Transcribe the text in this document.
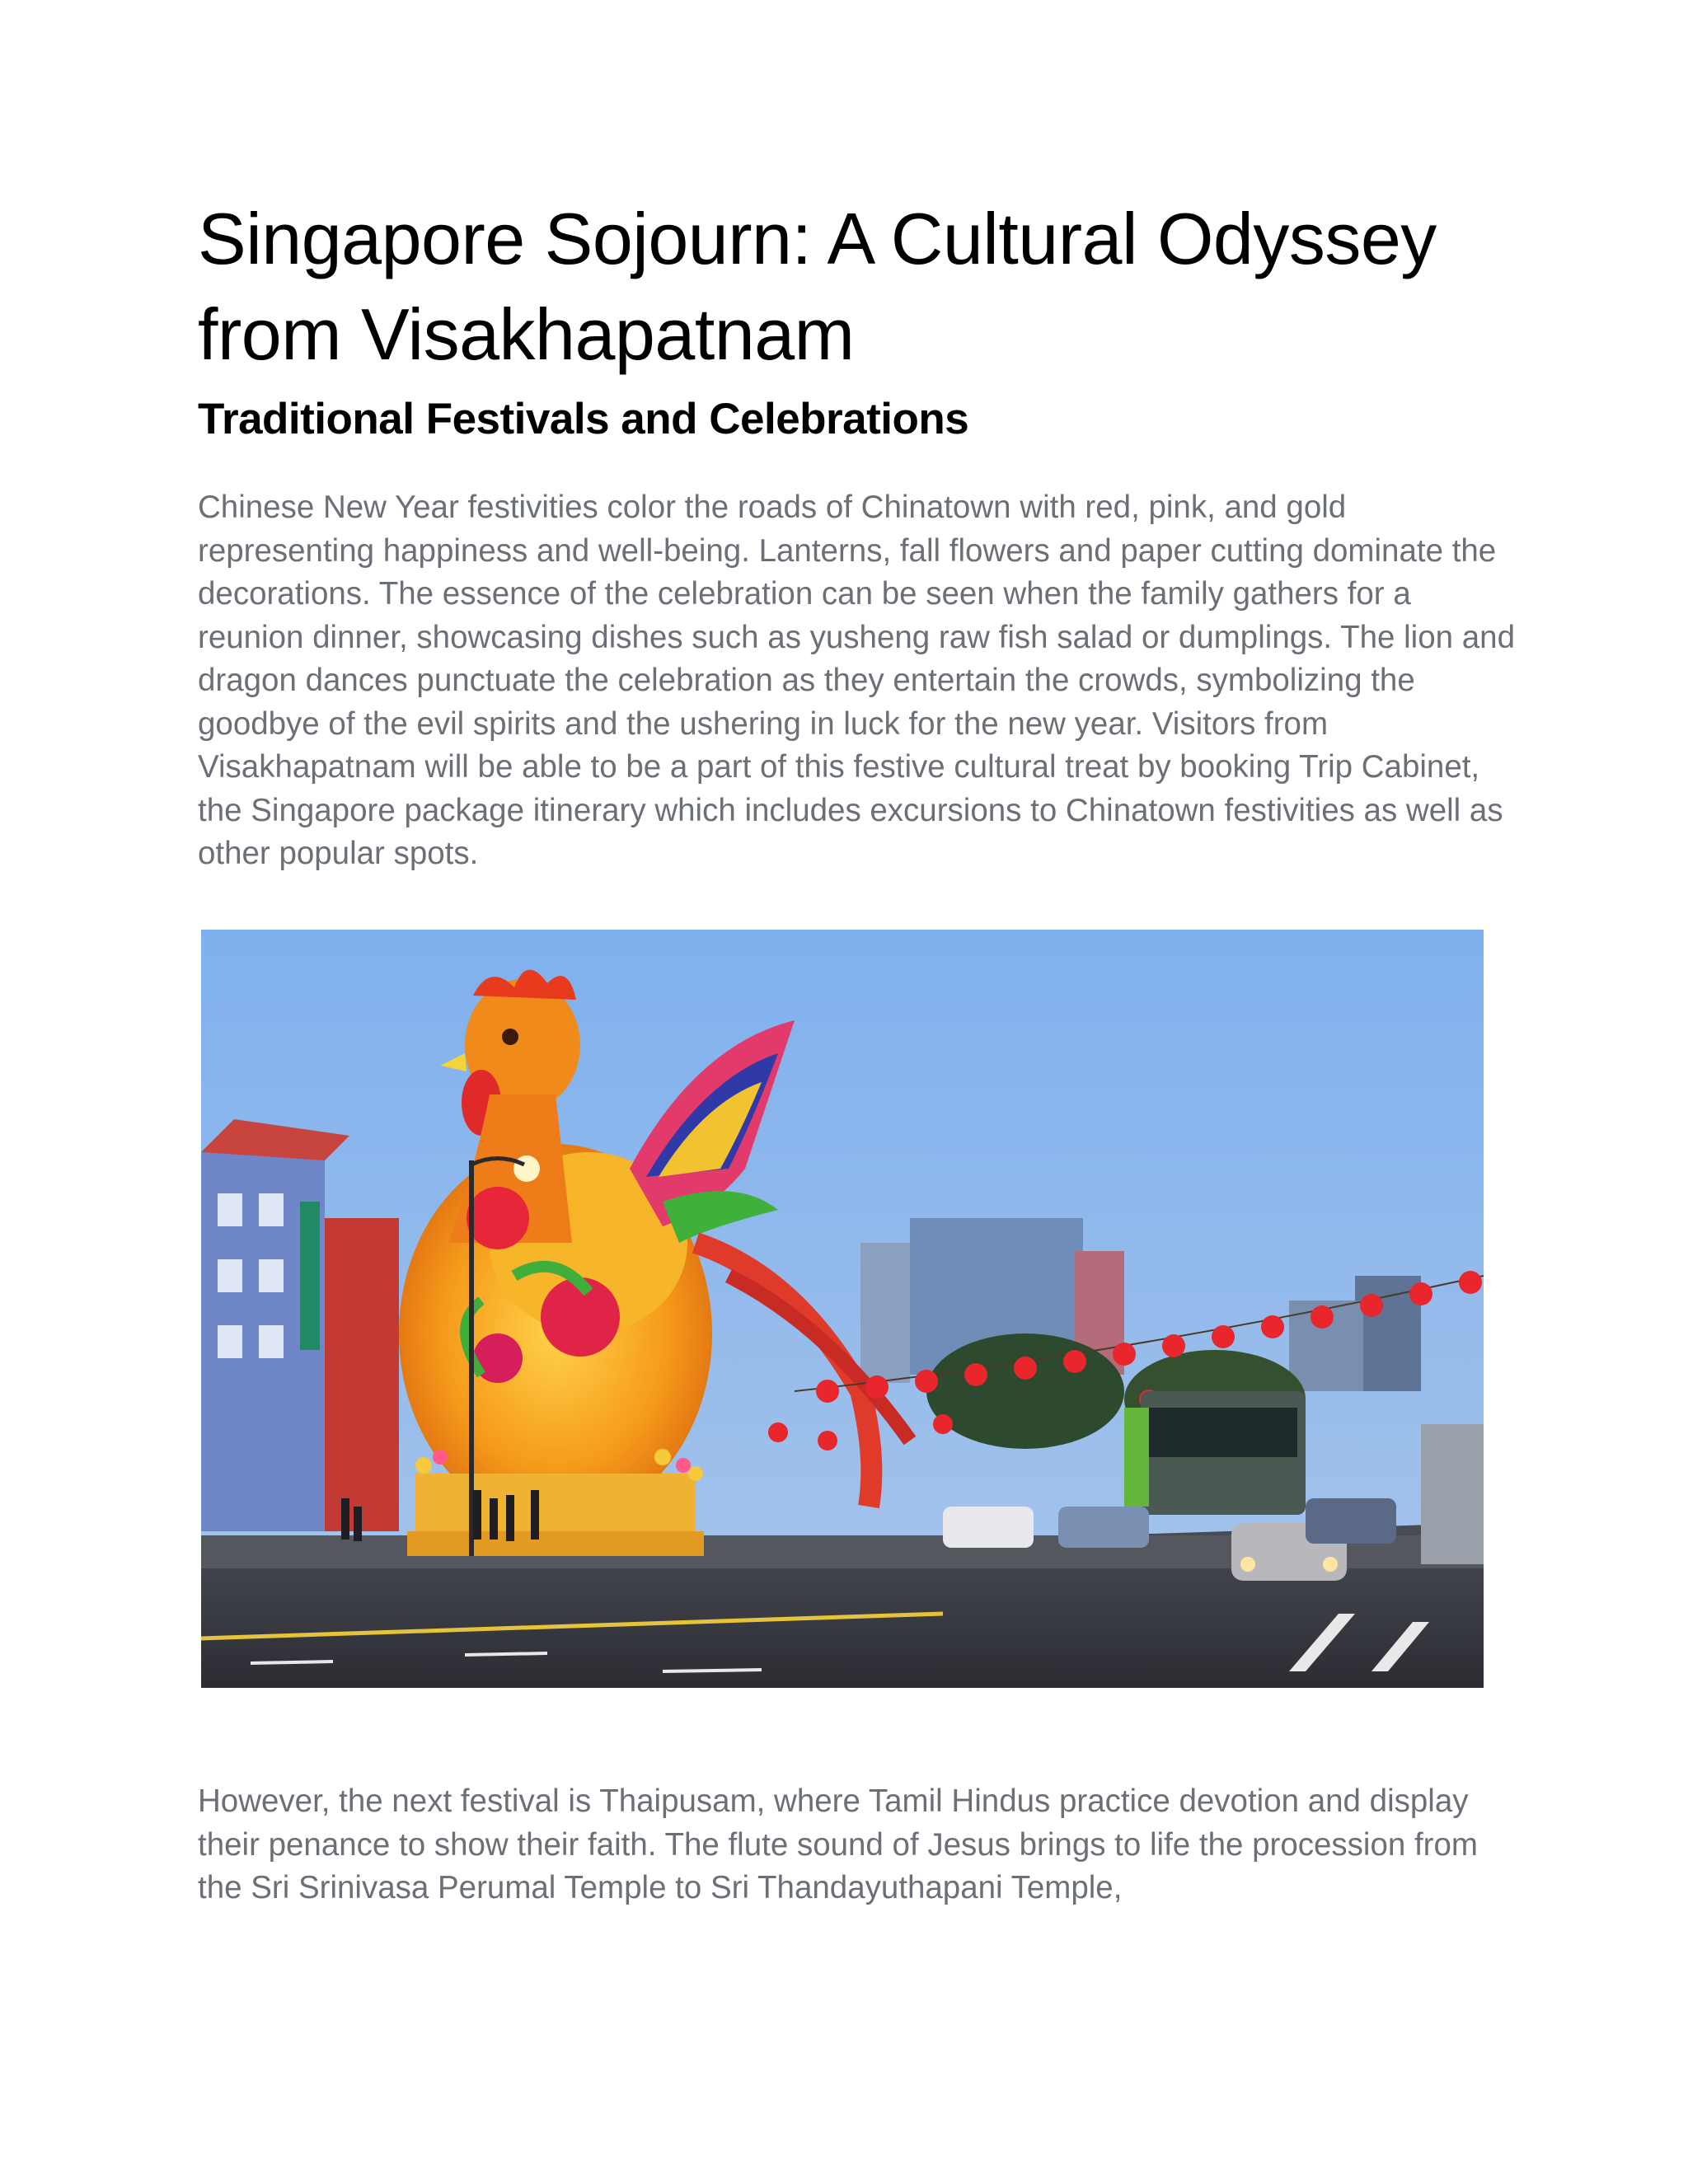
Singapore Sojourn: A Cultural Odyssey from Visakhapatnam
Traditional Festivals and Celebrations

Chinese New Year festivities color the roads of Chinatown with red, pink, and gold representing happiness and well-being. Lanterns, fall flowers and paper cutting dominate the decorations. The essence of the celebration can be seen when the family gathers for a reunion dinner, showcasing dishes such as yusheng raw fish salad or dumplings. The lion and dragon dances punctuate the celebration as they entertain the crowds, symbolizing the goodbye of the evil spirits and the ushering in luck for the new year. Visitors from Visakhapatnam will be able to be a part of this festive cultural treat by booking Trip Cabinet, the Singapore package itinerary which includes excursions to Chinatown festivities as well as other popular spots.

However, the next festival is Thaipusam, where Tamil Hindus practice devotion and display their penance to show their faith. The flute sound of Jesus brings to life the procession from the Sri Srinivasa Perumal Temple to Sri Thandayuthapani Temple,
